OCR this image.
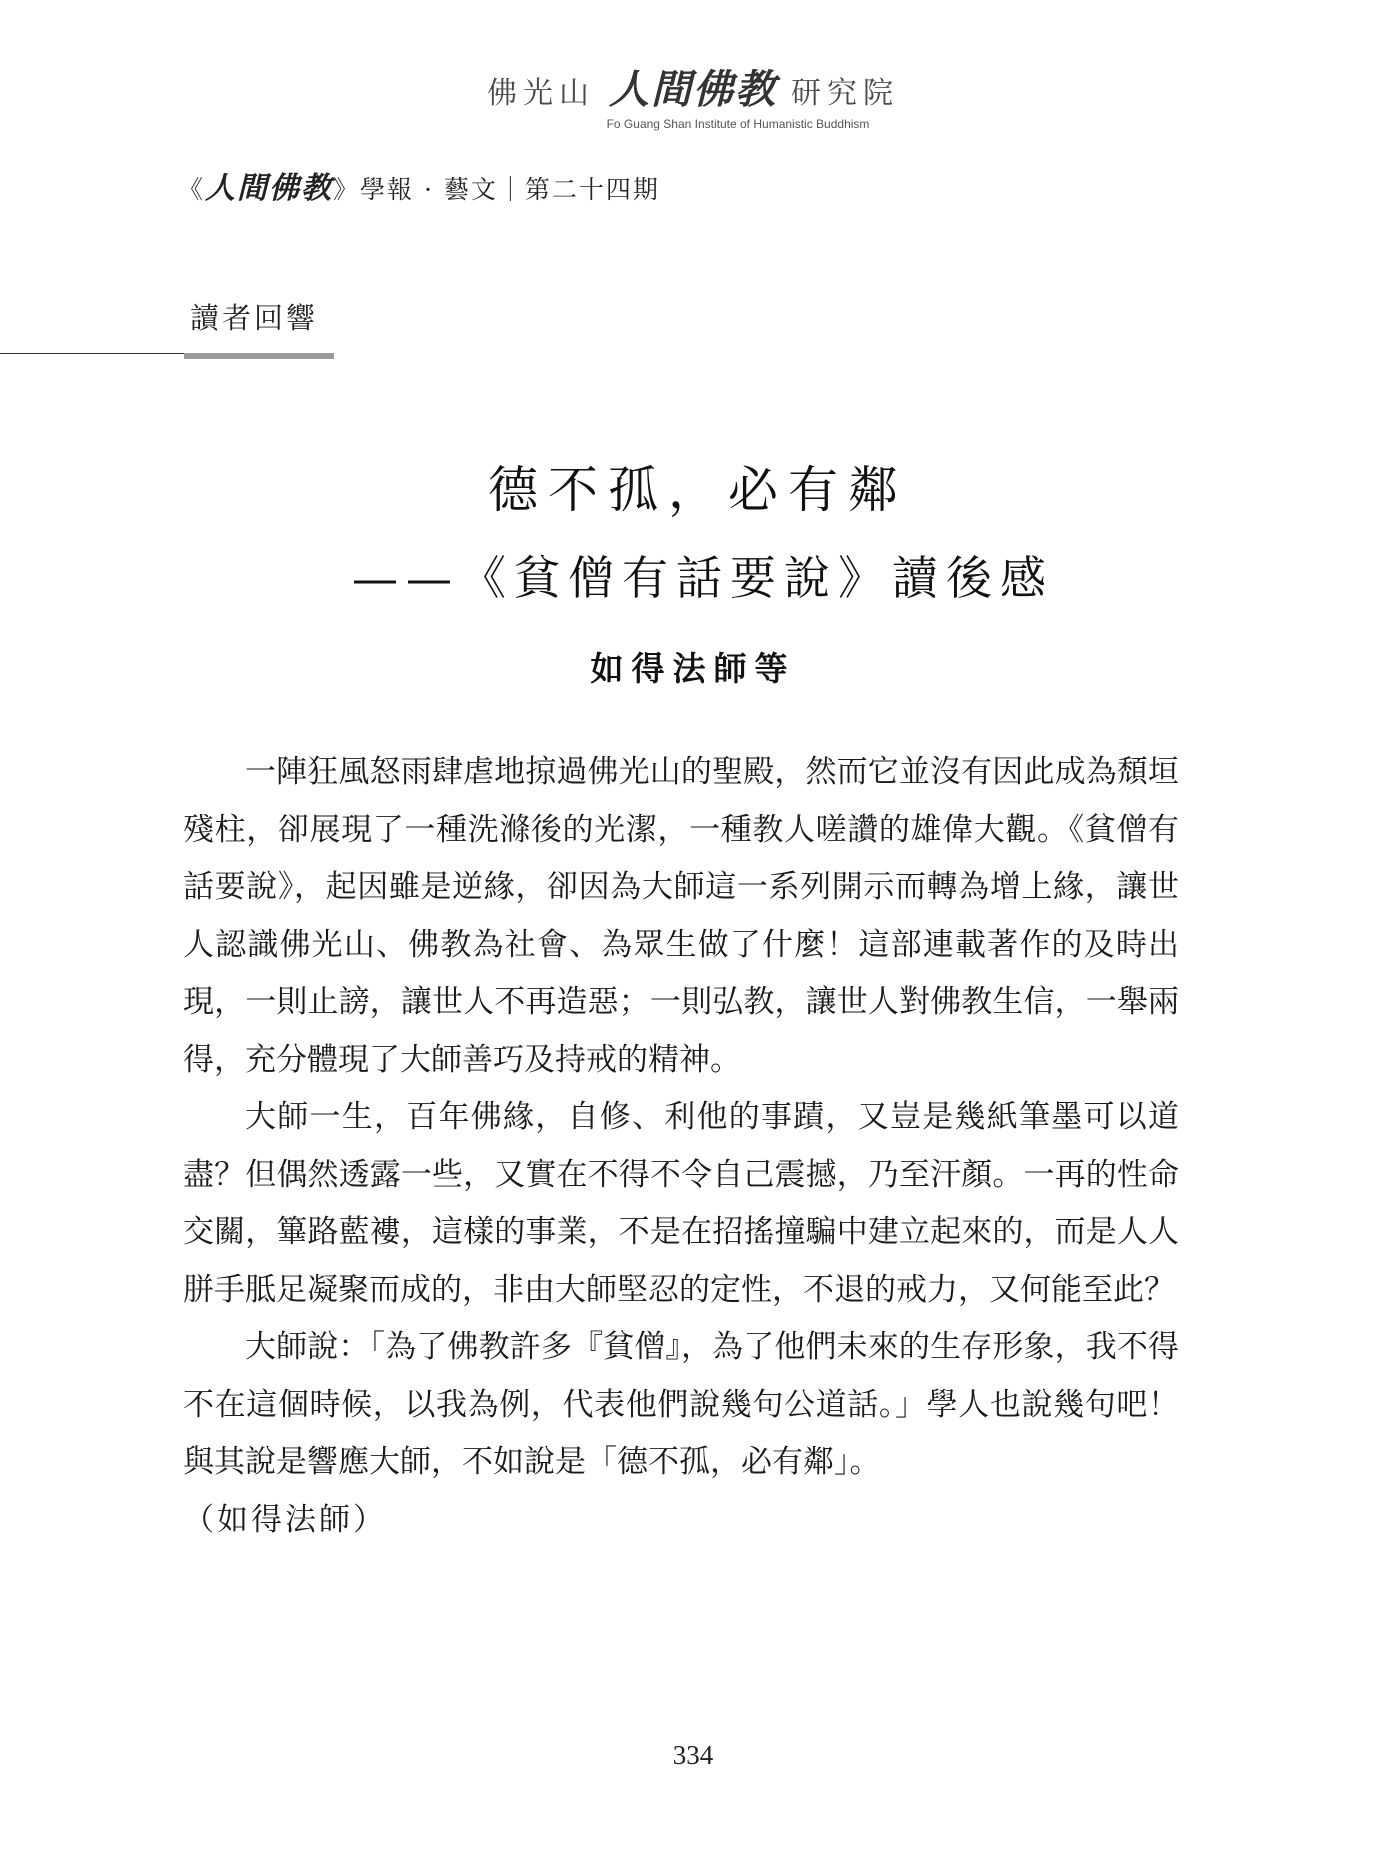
佛光山 人間佛教 研究院
Fo Guang Shan Institute of Humanistic Buddhism
《人間佛教》學報 · 藝文｜第二十四期
讀者回響
德不孤，必有鄰
——《貧僧有話要說》讀後感
如得法師等

一陣狂風怒雨肆虐地掠過佛光山的聖殿，然而它並沒有因此成為頹垣殘柱，卻展現了一種洗滌後的光潔，一種教人嗟讚的雄偉大觀。《貧僧有話要說》，起因雖是逆緣，卻因為大師這一系列開示而轉為增上緣，讓世人認識佛光山、佛教為社會、為眾生做了什麼！這部連載著作的及時出現，一則止謗，讓世人不再造惡；一則弘教，讓世人對佛教生信，一舉兩得，充分體現了大師善巧及持戒的精神。

大師一生，百年佛緣，自修、利他的事蹟，又豈是幾紙筆墨可以道盡？但偶然透露一些，又實在不得不令自己震撼，乃至汗顏。一再的性命交關，篳路藍褸，這樣的事業，不是在招搖撞騙中建立起來的，而是人人胼手胝足凝聚而成的，非由大師堅忍的定性，不退的戒力，又何能至此？

大師說：「為了佛教許多『貧僧』，為了他們未來的生存形象，我不得不在這個時候，以我為例，代表他們說幾句公道話。」學人也說幾句吧！與其說是響應大師，不如說是「德不孤，必有鄰」。

（如得法師）

334
